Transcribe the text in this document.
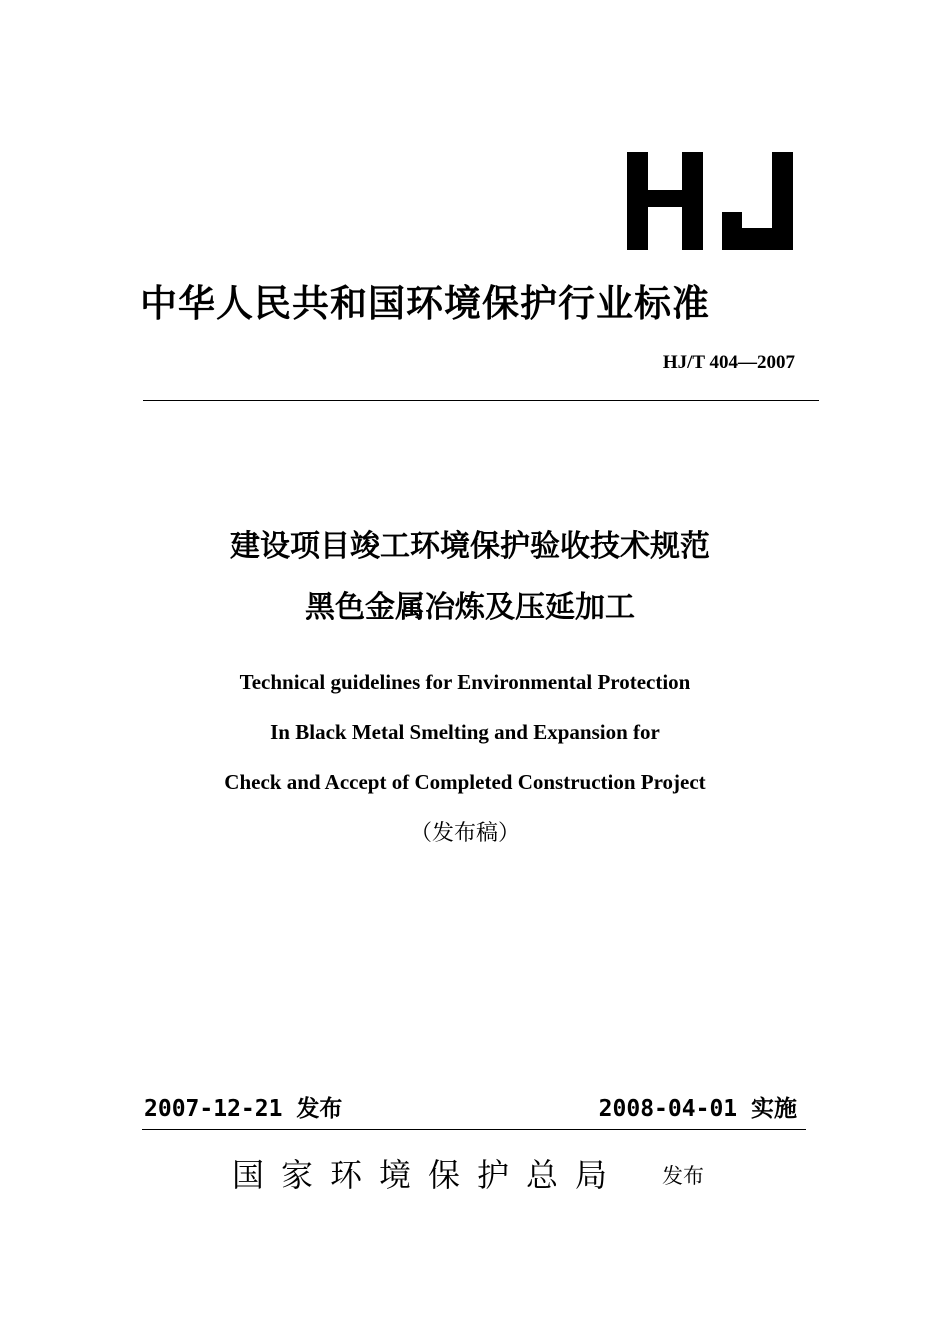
中华人民共和国环境保护行业标准
HJ/T 404—2007
建设项目竣工环境保护验收技术规范
黑色金属冶炼及压延加工
Technical guidelines for Environmental Protection
In Black Metal Smelting and Expansion for
Check and Accept of Completed Construction Project
（发布稿）
2007-12-21 发布	2008-04-01 实施
国家环境保护总局 发布
